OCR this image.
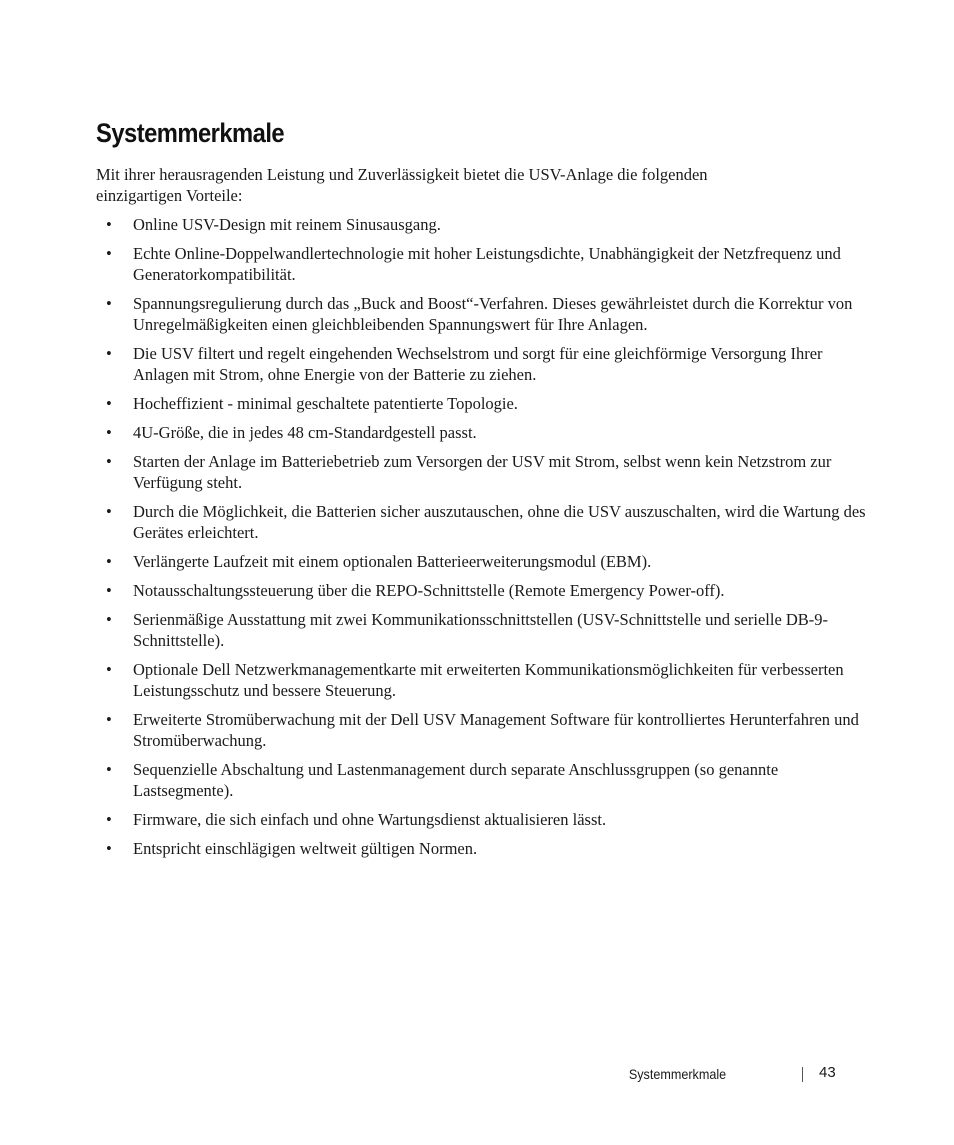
Systemmerkmale

Mit ihrer herausragenden Leistung und Zuverlässigkeit bietet die USV-Anlage die folgenden einzigartigen Vorteile:

• Online USV-Design mit reinem Sinusausgang.
• Echte Online-Doppelwandlertechnologie mit hoher Leistungsdichte, Unabhängigkeit der Netzfrequenz und Generatorkompatibilität.
• Spannungsregulierung durch das „Buck and Boost“-Verfahren. Dieses gewährleistet durch die Korrektur von Unregelmäßigkeiten einen gleichbleibenden Spannungswert für Ihre Anlagen.
• Die USV filtert und regelt eingehenden Wechselstrom und sorgt für eine gleichförmige Versorgung Ihrer Anlagen mit Strom, ohne Energie von der Batterie zu ziehen.
• Hocheffizient - minimal geschaltete patentierte Topologie.
• 4U-Größe, die in jedes 48 cm-Standardgestell passt.
• Starten der Anlage im Batteriebetrieb zum Versorgen der USV mit Strom, selbst wenn kein Netzstrom zur Verfügung steht.
• Durch die Möglichkeit, die Batterien sicher auszutauschen, ohne die USV auszuschalten, wird die Wartung des Gerätes erleichtert.
• Verlängerte Laufzeit mit einem optionalen Batterieerweiterungsmodul (EBM).
• Notausschaltungssteuerung über die REPO-Schnittstelle (Remote Emergency Power-off).
• Serienmäßige Ausstattung mit zwei Kommunikationsschnittstellen (USV-Schnittstelle und serielle DB-9-Schnittstelle).
• Optionale Dell Netzwerkmanagementkarte mit erweiterten Kommunikationsmöglichkeiten für verbesserten Leistungsschutz und bessere Steuerung.
• Erweiterte Stromüberwachung mit der Dell USV Management Software für kontrolliertes Herunterfahren und Stromüberwachung.
• Sequenzielle Abschaltung und Lastenmanagement durch separate Anschlussgruppen (so genannte Lastsegmente).
• Firmware, die sich einfach und ohne Wartungsdienst aktualisieren lässt.
• Entspricht einschlägigen weltweit gültigen Normen.
Systemmerkmale	43
